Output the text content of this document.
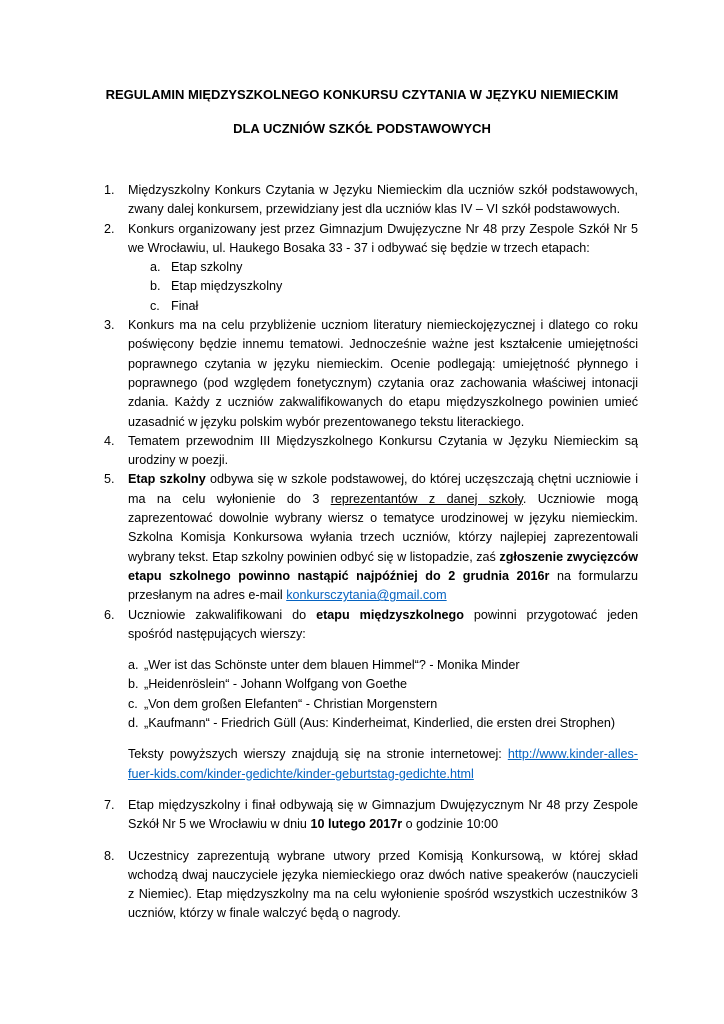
REGULAMIN MIĘDZYSZKOLNEGO KONKURSU CZYTANIA W JĘZYKU NIEMIECKIM

DLA UCZNIÓW SZKÓŁ PODSTAWOWYCH

1. Międzyszkolny Konkurs Czytania w Języku Niemieckim dla uczniów szkół podstawowych, zwany dalej konkursem, przewidziany jest dla uczniów klas IV – VI szkół podstawowych.
2. Konkurs organizowany jest przez Gimnazjum Dwujęzyczne Nr 48 przy Zespole Szkół Nr 5 we Wrocławiu, ul. Haukego Bosaka 33 - 37 i odbywać się będzie w trzech etapach:
a. Etap szkolny
b. Etap międzyszkolny
c. Finał
3. Konkurs ma na celu przybliżenie uczniom literatury niemieckojęzycznej i dlatego co roku poświęcony będzie innemu tematowi. Jednocześnie ważne jest kształcenie umiejętności poprawnego czytania w języku niemieckim. Ocenie podlegają: umiejętność płynnego i poprawnego (pod względem fonetycznym) czytania oraz zachowania właściwej intonacji zdania. Każdy z uczniów zakwalifikowanych do etapu międzyszkolnego powinien umieć uzasadnić w języku polskim wybór prezentowanego tekstu literackiego.
4. Tematem przewodnim III Międzyszkolnego Konkursu Czytania w Języku Niemieckim są urodziny w poezji.
5. Etap szkolny odbywa się w szkole podstawowej, do której uczęszczają chętni uczniowie i ma na celu wyłonienie do 3 reprezentantów z danej szkoły. Uczniowie mogą zaprezentować dowolnie wybrany wiersz o tematyce urodzinowej w języku niemieckim. Szkolna Komisja Konkursowa wyłania trzech uczniów, którzy najlepiej zaprezentowali wybrany tekst. Etap szkolny powinien odbyć się w listopadzie, zaś zgłoszenie zwycięzców etapu szkolnego powinno nastąpić najpóźniej do 2 grudnia 2016r na formularzu przesłanym na adres e-mail konkursczytania@gmail.com
6. Uczniowie zakwalifikowani do etapu międzyszkolnego powinni przygotować jeden spośród następujących wierszy:
a. „Wer ist das Schönste unter dem blauen Himmel“? - Monika Minder
b. „Heidenröslein“ - Johann Wolfgang von Goethe
c. „Von dem großen Elefanten“ - Christian Morgenstern
d. „Kaufmann“ - Friedrich Güll (Aus: Kinderheimat, Kinderlied, die ersten drei Strophen)
Teksty powyższych wierszy znajdują się na stronie internetowej: http://www.kinder-alles-fuer-kids.com/kinder-gedichte/kinder-geburtstag-gedichte.html
7. Etap międzyszkolny i finał odbywają się w Gimnazjum Dwujęzycznym Nr 48 przy Zespole Szkół Nr 5 we Wrocławiu w dniu 10 lutego 2017r o godzinie 10:00
8. Uczestnicy zaprezentują wybrane utwory przed Komisją Konkursową, w której skład wchodzą dwaj nauczyciele języka niemieckiego oraz dwóch native speakerów (nauczycieli z Niemiec). Etap międzyszkolny ma na celu wyłonienie spośród wszystkich uczestników 3 uczniów, którzy w finale walczyć będą o nagrody.
